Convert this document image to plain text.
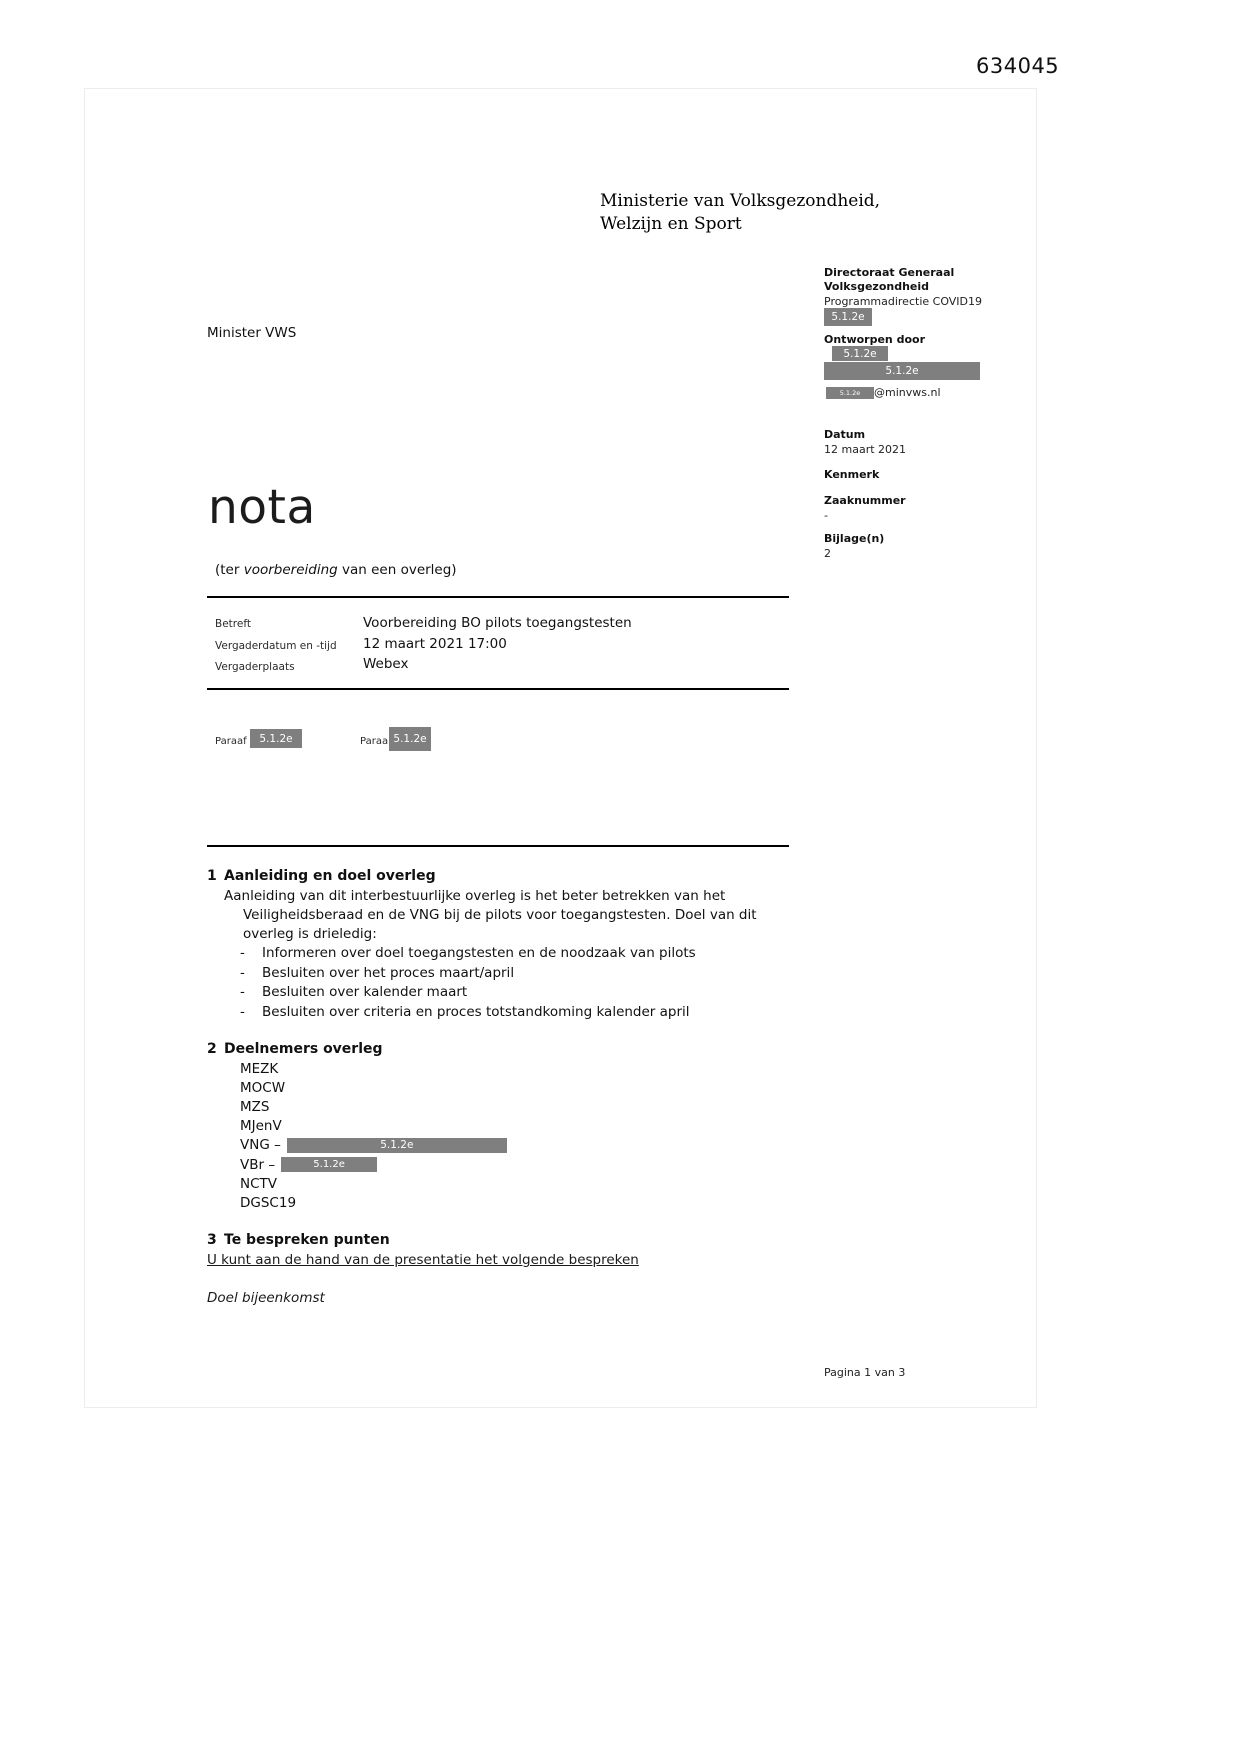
634045
Ministerie van Volksgezondheid,
Welzijn en Sport
Directoraat Generaal
Volksgezondheid
Programmadirectie COVID19
5.1.2e
Ontworpen door
5.1.2e
5.1.2e
5.1.2e	@minvws.nl
Datum
12 maart 2021
Kenmerk
Zaaknummer
-
Bijlage(n)
2
Minister VWS
nota
(ter voorbereiding van een overleg)
Betreft	Voorbereiding BO pilots toegangstesten
Vergaderdatum en -tijd 12 maart 2021 17:00
Vergaderplaats	Webex
Paraaf	5.1.2e	Paraa 5.1.2e
1 Aanleiding en doel overleg
Aanleiding van dit interbestuurlijke overleg is het beter betrekken van het Veiligheidsberaad en de VNG bij de pilots voor toegangstesten. Doel van dit overleg is drieledig:
-	Informeren over doel toegangstesten en de noodzaak van pilots
-	Besluiten over het proces maart/april
-	Besluiten over kalender maart
-	Besluiten over criteria en proces totstandkoming kalender april
2 Deelnemers overleg
MEZK
MOCW
MZS
MJenV
VNG –	5.1.2e
VBr –	5.1.2e
NCTV
DGSC19
3 Te bespreken punten
U kunt aan de hand van de presentatie het volgende bespreken
Doel bijeenkomst
Pagina 1 van 3
